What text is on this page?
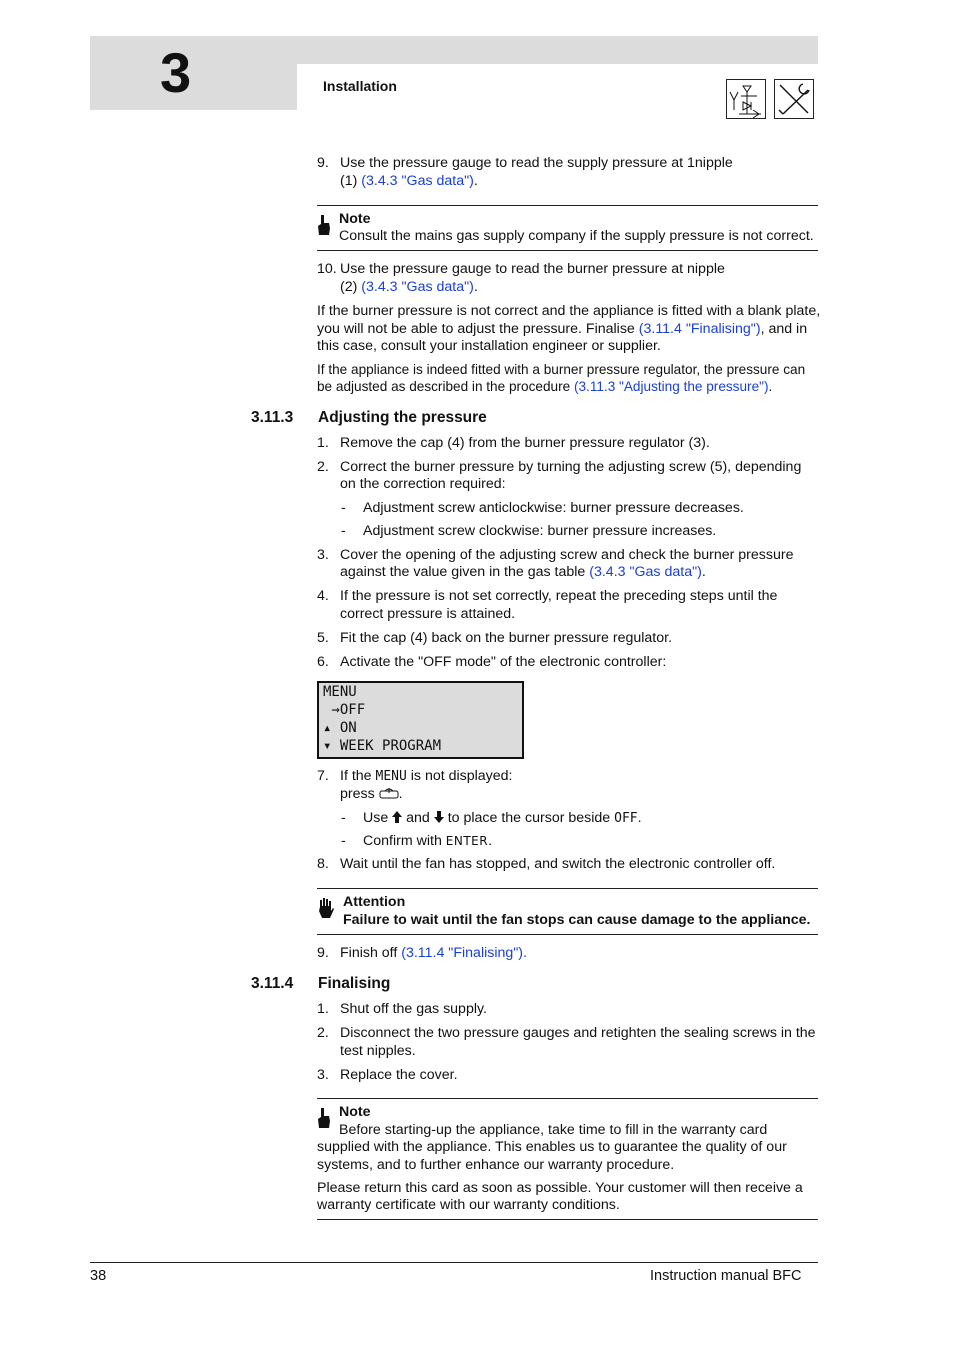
3	Installation
9. Use the pressure gauge to read the supply pressure at 1nipple
(1) (3.4.3 "Gas data").
Note
Consult the mains gas supply company if the supply pressure is not correct.
10. Use the pressure gauge to read the burner pressure at nipple
(2) (3.4.3 "Gas data").
If the burner pressure is not correct and the appliance is fitted with a blank plate,
you will not be able to adjust the pressure. Finalise (3.11.4 "Finalising"), and in
this case, consult your installation engineer or supplier.
If the appliance is indeed fitted with a burner pressure regulator, the pressure can
be adjusted as described in the procedure (3.11.3 "Adjusting the pressure").
3.11.3 Adjusting the pressure
1. Remove the cap (4) from the burner pressure regulator (3).
2. Correct the burner pressure by turning the adjusting screw (5), depending
on the correction required:
- Adjustment screw anticlockwise: burner pressure decreases.
- Adjustment screw clockwise: burner pressure increases.
3. Cover the opening of the adjusting screw and check the burner pressure
against the value given in the gas table (3.4.3 "Gas data").
4. If the pressure is not set correctly, repeat the preceding steps until the
correct pressure is attained.
5. Fit the cap (4) back on the burner pressure regulator.
6. Activate the "OFF mode" of the electronic controller:
MENU
→OFF
▴ ON
▾ WEEK PROGRAM
7. If the MENU is not displayed:
press .
- Use and to place the cursor beside OFF.
- Confirm with ENTER.
8. Wait until the fan has stopped, and switch the electronic controller off.
Attention
Failure to wait until the fan stops can cause damage to the appliance.
9. Finish off (3.11.4 "Finalising").
3.11.4 Finalising
1. Shut off the gas supply.
2. Disconnect the two pressure gauges and retighten the sealing screws in the
test nipples.
3. Replace the cover.
Note
Before starting-up the appliance, take time to fill in the warranty card
supplied with the appliance. This enables us to guarantee the quality of our
systems, and to further enhance our warranty procedure.
Please return this card as soon as possible. Your customer will then receive a
warranty certificate with our warranty conditions.
38	Instruction manual BFC
